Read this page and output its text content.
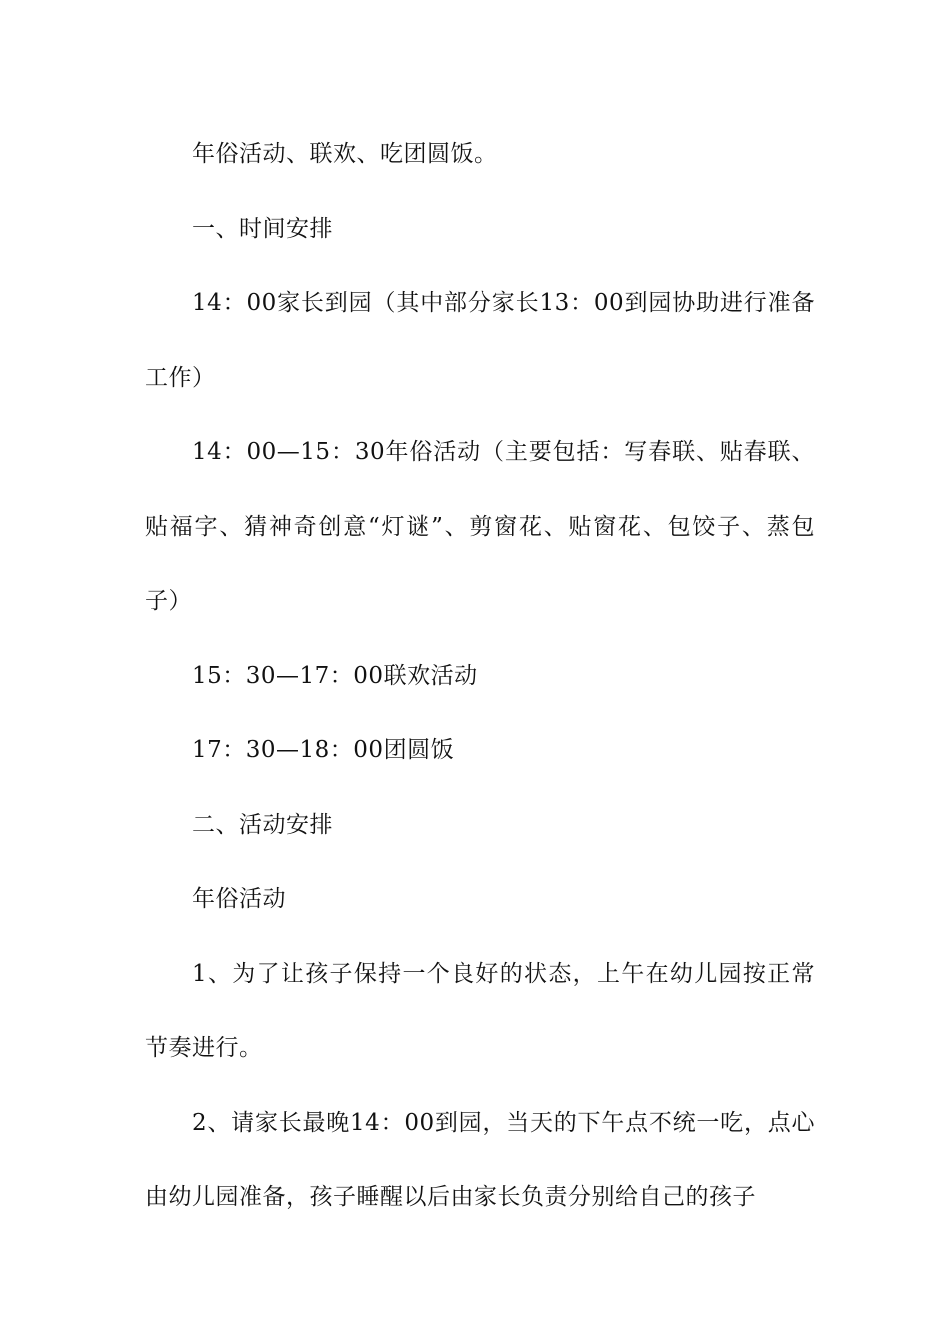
年俗活动、联欢、吃团圆饭。

一、时间安排

14：00家长到园（其中部分家长13：00到园协助进行准备工作）

14：00—15：30年俗活动（主要包括：写春联、贴春联、贴福字、猜神奇创意“灯谜”、剪窗花、贴窗花、包饺子、蒸包子）

15：30—17：00联欢活动

17：30—18：00团圆饭

二、活动安排

年俗活动

1、为了让孩子保持一个良好的状态，上午在幼儿园按正常节奏进行。

2、请家长最晚14：00到园，当天的下午点不统一吃，点心由幼儿园准备，孩子睡醒以后由家长负责分别给自己的孩子
